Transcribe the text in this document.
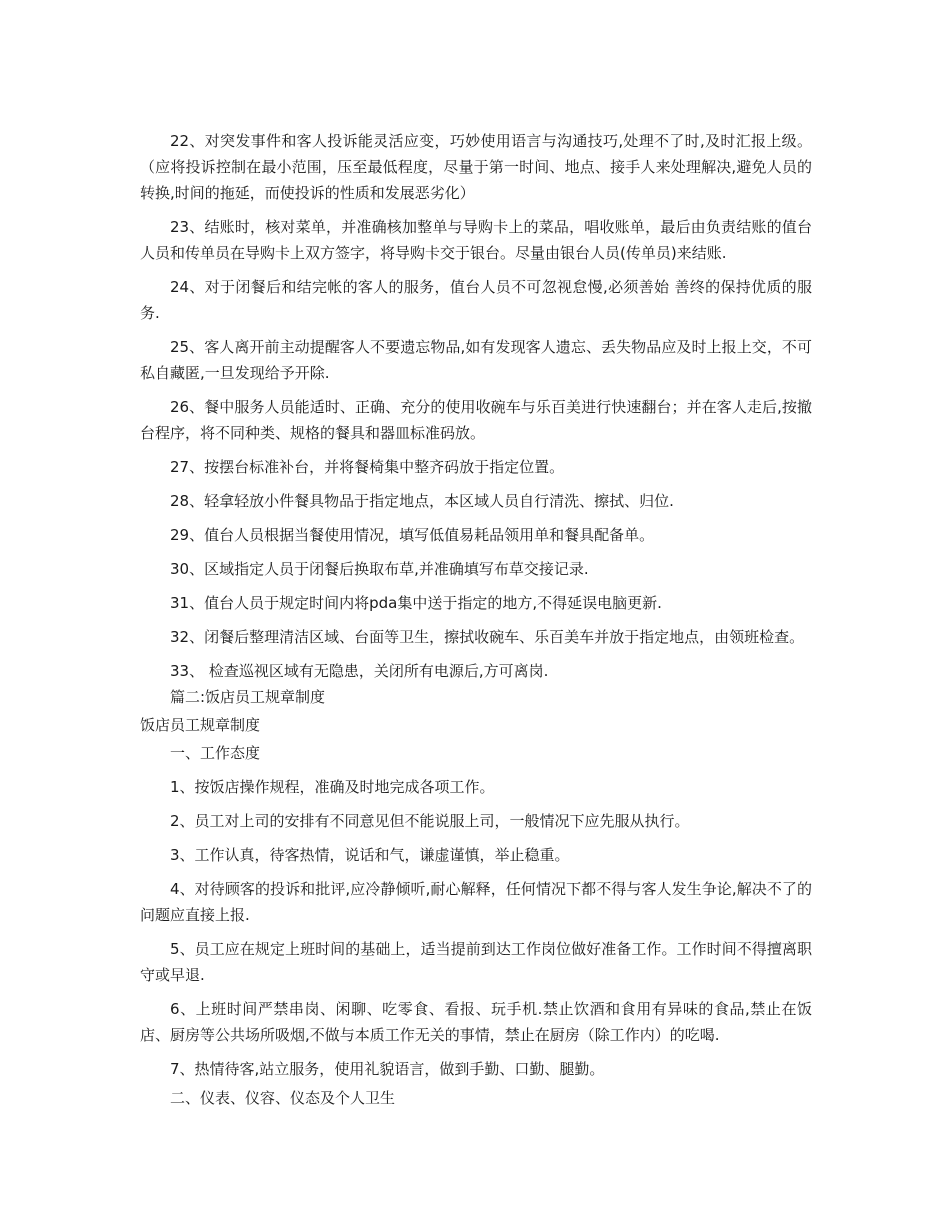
22、对突发事件和客人投诉能灵活应变，巧妙使用语言与沟通技巧,处理不了时,及时汇报上级。（应将投诉控制在最小范围，压至最低程度，尽量于第一时间、地点、接手人来处理解决,避免人员的转换,时间的拖延，而使投诉的性质和发展恶劣化）

23、结账时，核对菜单，并准确核加整单与导购卡上的菜品，唱收账单，最后由负责结账的值台人员和传单员在导购卡上双方签字，将导购卡交于银台。尽量由银台人员(传单员)来结账.

24、对于闭餐后和结完帐的客人的服务，值台人员不可忽视怠慢,必须善始 善终的保持优质的服务.

25、客人离开前主动提醒客人不要遗忘物品,如有发现客人遗忘、丢失物品应及时上报上交，不可私自藏匿,一旦发现给予开除.

26、餐中服务人员能适时、正确、充分的使用收碗车与乐百美进行快速翻台；并在客人走后,按撤台程序，将不同种类、规格的餐具和器皿标准码放。

27、按摆台标准补台，并将餐椅集中整齐码放于指定位置。

28、轻拿轻放小件餐具物品于指定地点，本区域人员自行清洗、擦拭、归位.

29、值台人员根据当餐使用情况，填写低值易耗品领用单和餐具配备单。

30、区域指定人员于闭餐后换取布草,并准确填写布草交接记录.

31、值台人员于规定时间内将pda集中送于指定的地方,不得延误电脑更新.

32、闭餐后整理清洁区域、台面等卫生，擦拭收碗车、乐百美车并放于指定地点，由领班检查。

33、 检查巡视区域有无隐患，关闭所有电源后,方可离岗.

篇二:饭店员工规章制度

饭店员工规章制度

一、工作态度

1、按饭店操作规程，准确及时地完成各项工作。

2、员工对上司的安排有不同意见但不能说服上司，一般情况下应先服从执行。

3、工作认真，待客热情，说话和气，谦虚谨慎，举止稳重。

4、对待顾客的投诉和批评,应冷静倾听,耐心解释，任何情况下都不得与客人发生争论,解决不了的问题应直接上报.

5、员工应在规定上班时间的基础上，适当提前到达工作岗位做好准备工作。工作时间不得擅离职守或早退.

6、上班时间严禁串岗、闲聊、吃零食、看报、玩手机.禁止饮酒和食用有异味的食品,禁止在饭店、厨房等公共场所吸烟,不做与本质工作无关的事情，禁止在厨房（除工作内）的吃喝.

7、热情待客,站立服务，使用礼貌语言，做到手勤、口勤、腿勤。

二、仪表、仪容、仪态及个人卫生
